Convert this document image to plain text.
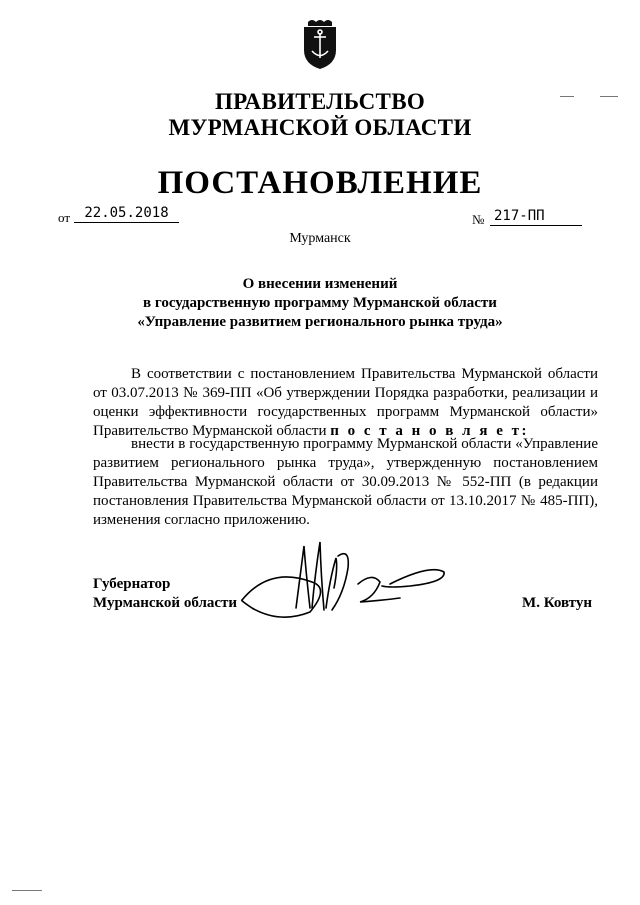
ПРАВИТЕЛЬСТВО
МУРМАНСКОЙ ОБЛАСТИ
ПОСТАНОВЛЕНИЕ
от	22.05.2018	№ 217-ПП
Мурманск
О внесении изменений
в государственную программу Мурманской области
«Управление развитием регионального рынка труда»
В соответствии с постановлением Правительства Мурманской области от 03.07.2013 № 369-ПП «Об утверждении Порядка разработки, реализации и оценки эффективности государственных программ Мурманской области» Правительство Мурманской области п о с т а н о в л я е т:
внести в государственную программу Мурманской области «Управление развитием регионального рынка труда», утвержденную постановлением Правительства Мурманской области от 30.09.2013 № 552-ПП (в редакции постановления Правительства Мурманской области от 13.10.2017 № 485-ПП), изменения согласно приложению.
Губернатор
Мурманской области	М. Ковтун
